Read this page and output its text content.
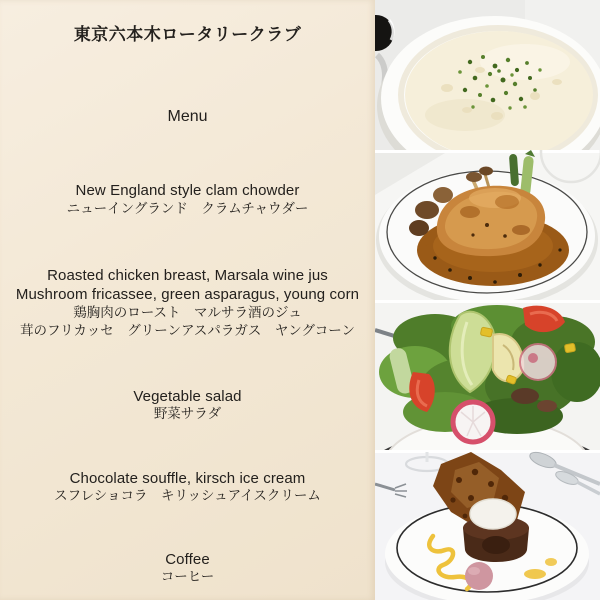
東京六本木ロータリークラブ
Menu
New England style clam chowder
ニューイングランド　クラムチャウダー
Roasted chicken breast, Marsala wine jus
Mushroom fricassee, green asparagus, young corn
鶏胸肉のロースト　マルサラ酒のジュ
茸のフリカッセ　グリーンアスパラガス　ヤングコーン
Vegetable salad
野菜サラダ
Chocolate souffle, kirsch ice cream
スフレショコラ　キリッシュアイスクリーム
Coffee
コーヒー
